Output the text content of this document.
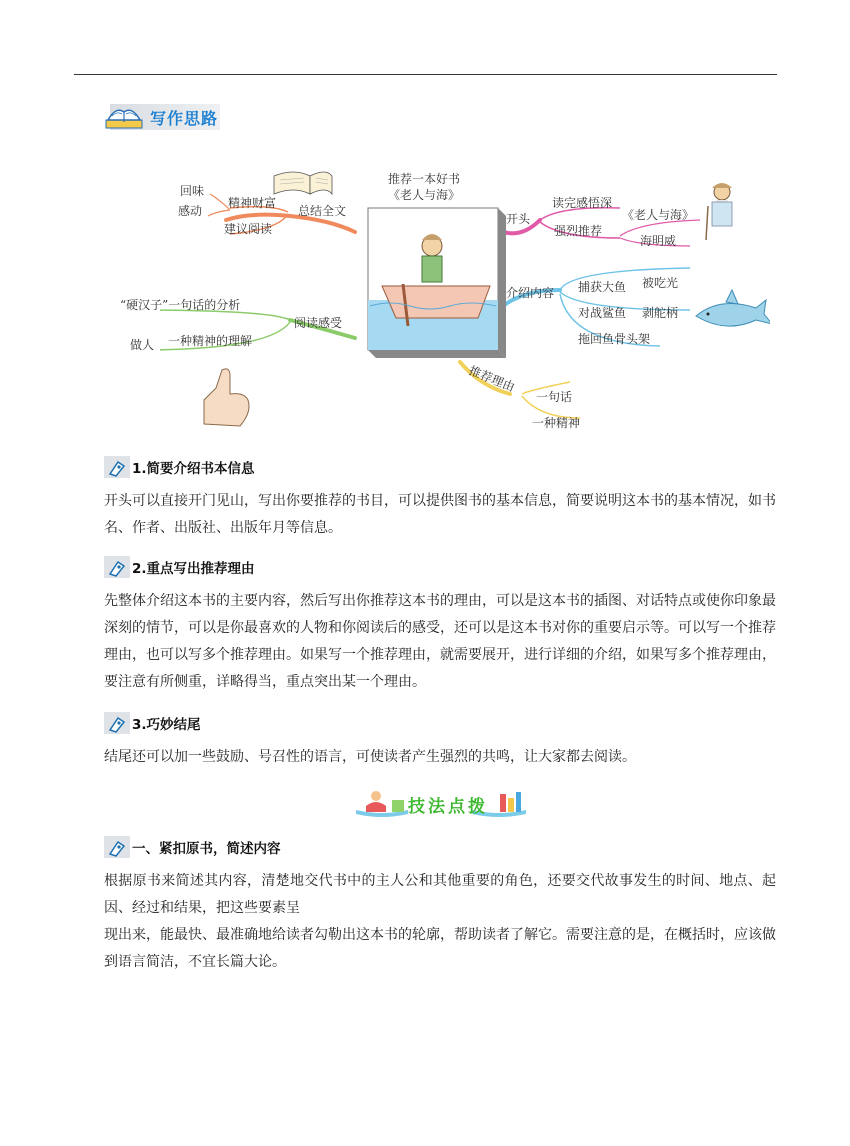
写作思路
推荐一本好书
《老人与海》
总结全文
回味
感动
精神财富
建议阅读
开头
读完感悟深
强烈推荐
《老人与海》
海明威
阅读感受
“硬汉子”一句话的分析
做人 一种精神的理解
介绍内容 捕获大鱼 被吃光
对战鲨鱼 剥舵柄
拖回鱼骨头架
推荐理由
一句话
一种精神
1.简要介绍书本信息

开头可以直接开门见山，写出你要推荐的书目，可以提供图书的基本信息，简要说明这本书的基本情况，如书名、作者、出版社、出版年月等信息。

2.重点写出推荐理由

先整体介绍这本书的主要内容，然后写出你推荐这本书的理由，可以是这本书的插图、对话特点或使你印象最深刻的情节，可以是你最喜欢的人物和你阅读后的感受，还可以是这本书对你的重要启示等。可以写一个推荐理由，也可以写多个推荐理由。如果写一个推荐理由，就需要展开，进行详细的介绍，如果写多个推荐理由，要注意有所侧重，详略得当，重点突出某一个理由。

3.巧妙结尾

结尾还可以加一些鼓励、号召性的语言，可使读者产生强烈的共鸣，让大家都去阅读。

技法点拨
一、紧扣原书，简述内容

根据原书来简述其内容，清楚地交代书中的主人公和其他重要的角色，还要交代故事发生的时间、地点、起因、经过和结果，把这些要素呈

现出来，能最快、最准确地给读者勾勒出这本书的轮廓，帮助读者了解它。需要注意的是，在概括时，应该做到语言简洁，不宜长篇大论。
